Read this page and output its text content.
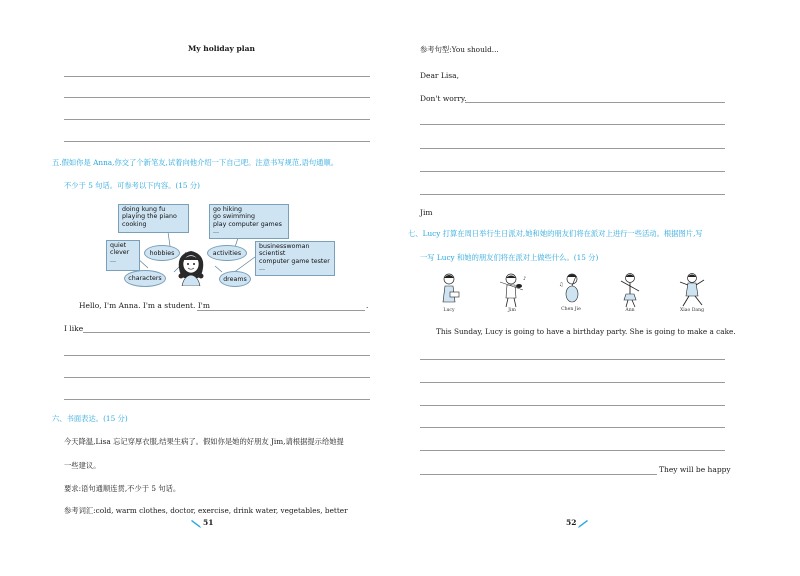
My holiday plan
五.假如你是 Anna,你交了个新笔友,试着向他介绍一下自己吧。注意书写规范,语句通顺。
不少于 5 句话。可参考以下内容。(15 分)
doing kung fu
playing the piano
cooking
go hiking
go swimming
play computer games
...
quiet
clever
...
businesswoman
scientist
computer game tester
...
hobbies	activities
characters	dreams
Hello, I'm Anna. I'm a student. I'm	.
I like
六、书面表达。(15 分)
今天降温,Lisa 忘记穿厚衣服,结果生病了。假如你是她的好朋友 Jim,请根据提示给她提
一些建议。
要求:语句通顺连贯,不少于 5 句话。
参考词汇:cold, warm clothes, doctor, exercise, drink water, vegetables, better
51
参考句型:You should...
Dear Lisa,
Don't worry.
Jim
七、Lucy 打算在周日举行生日派对,她和她的朋友们将在派对上进行一些活动。根据图片,写
一写 Lucy 和她的朋友们将在派对上做些什么。(15 分)
♪
♫
Lucy	Jim	Chen Jie	Ann	Xiao Dang
This Sunday, Lucy is going to have a birthday party. She is going to make a cake.
They will be happy
52
